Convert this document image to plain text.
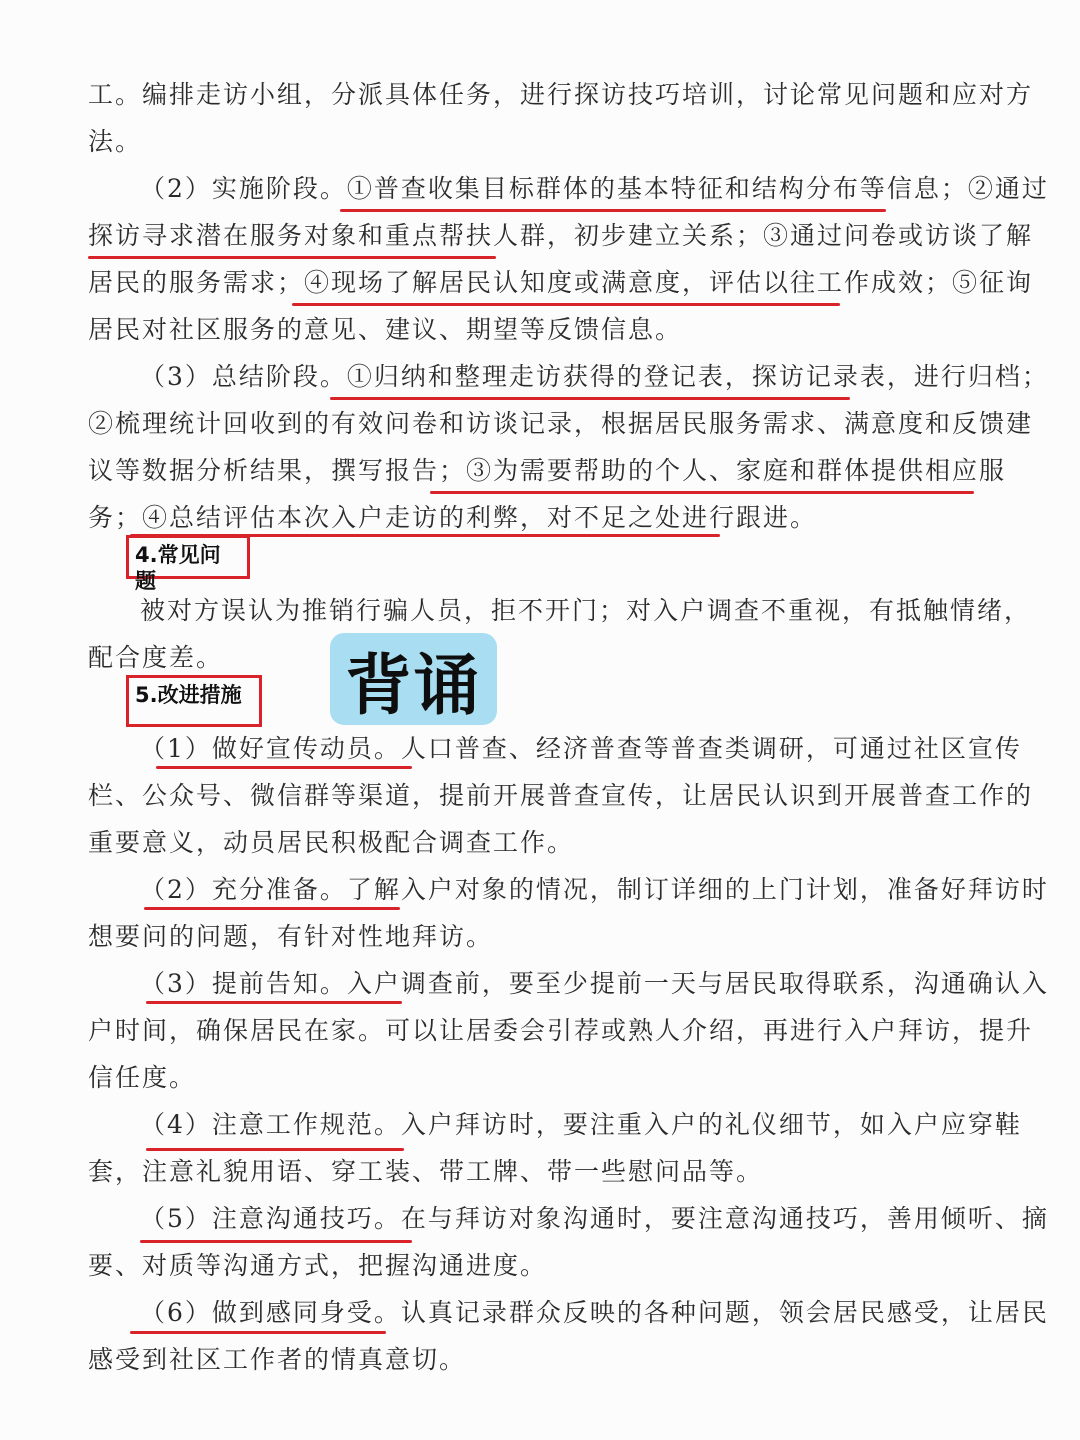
工。编排走访小组，分派具体任务，进行探访技巧培训，讨论常见问题和应对方
法。
（2）实施阶段。①普查收集目标群体的基本特征和结构分布等信息；②通过
探访寻求潜在服务对象和重点帮扶人群，初步建立关系；③通过问卷或访谈了解
居民的服务需求；④现场了解居民认知度或满意度，评估以往工作成效；⑤征询
居民对社区服务的意见、建议、期望等反馈信息。
（3）总结阶段。①归纳和整理走访获得的登记表，探访记录表，进行归档；
②梳理统计回收到的有效问卷和访谈记录，根据居民服务需求、满意度和反馈建
议等数据分析结果，撰写报告；③为需要帮助的个人、家庭和群体提供相应服
务；④总结评估本次入户走访的利弊，对不足之处进行跟进。
4.常见问题
被对方误认为推销行骗人员，拒不开门；对入户调查不重视，有抵触情绪，
配合度差。 背诵
5.改进措施
（1）做好宣传动员。人口普查、经济普查等普查类调研，可通过社区宣传
栏、公众号、微信群等渠道，提前开展普查宣传，让居民认识到开展普查工作的
重要意义，动员居民积极配合调查工作。
（2）充分准备。了解入户对象的情况，制订详细的上门计划，准备好拜访时
想要问的问题，有针对性地拜访。
（3）提前告知。入户调查前，要至少提前一天与居民取得联系，沟通确认入
户时间，确保居民在家。可以让居委会引荐或熟人介绍，再进行入户拜访，提升
信任度。
（4）注意工作规范。入户拜访时，要注重入户的礼仪细节，如入户应穿鞋
套，注意礼貌用语、穿工装、带工牌、带一些慰问品等。
（5）注意沟通技巧。在与拜访对象沟通时，要注意沟通技巧，善用倾听、摘
要、对质等沟通方式，把握沟通进度。
（6）做到感同身受。认真记录群众反映的各种问题，领会居民感受，让居民
感受到社区工作者的情真意切。
